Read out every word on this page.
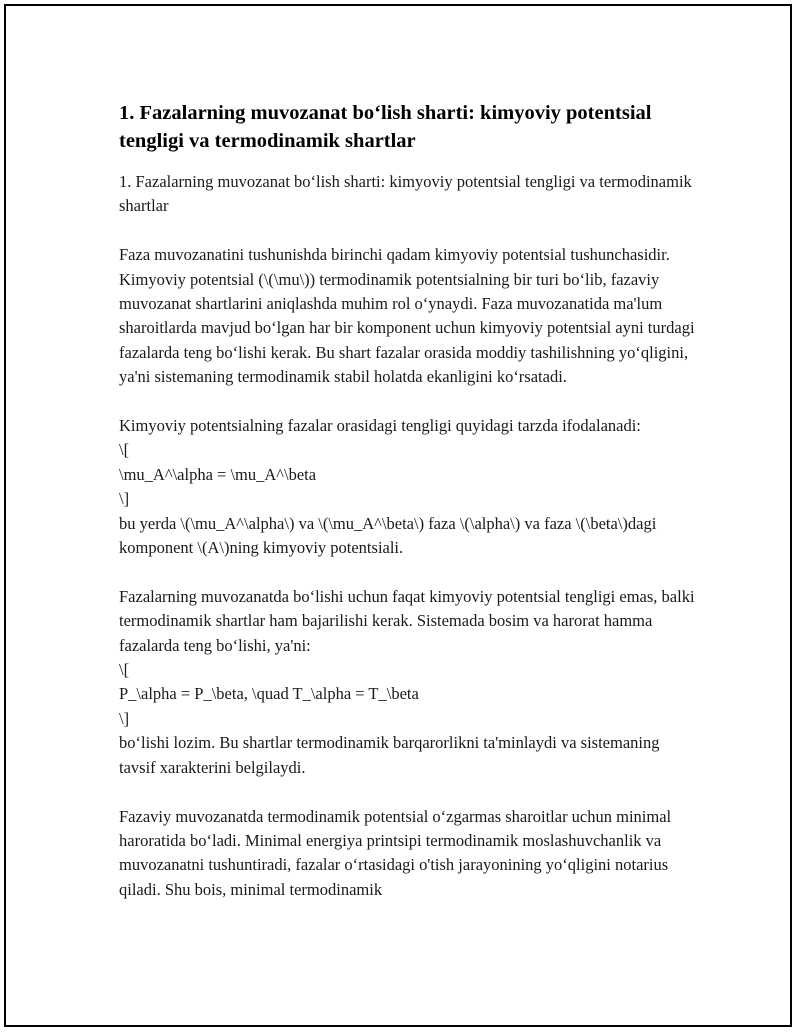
1. Fazalarning muvozanat bo‘lish sharti: kimyoviy potentsial tengligi va termodinamik shartlar

1. Fazalarning muvozanat bo‘lish sharti: kimyoviy potentsial tengligi va termodinamik shartlar

Faza muvozanatini tushunishda birinchi qadam kimyoviy potentsial tushunchasidir. Kimyoviy potentsial (\(\mu\)) termodinamik potentsialning bir turi bo‘lib, fazaviy muvozanat shartlarini aniqlashda muhim rol o‘ynaydi. Faza muvozanatida ma'lum sharoitlarda mavjud bo‘lgan har bir komponent uchun kimyoviy potentsial ayni turdagi fazalarda teng bo‘lishi kerak. Bu shart fazalar orasida moddiy tashilishning yo‘qligini, ya'ni sistemaning termodinamik stabil holatda ekanligini ko‘rsatadi.

Kimyoviy potentsialning fazalar orasidagi tengligi quyidagi tarzda ifodalanadi:
\[
\mu_A^\alpha = \mu_A^\beta
\]
bu yerda \(\mu_A^\alpha\) va \(\mu_A^\beta\) faza \(\alpha\) va faza \(\beta\)dagi komponent \(A\)ning kimyoviy potentsiali.

Fazalarning muvozanatda bo‘lishi uchun faqat kimyoviy potentsial tengligi emas, balki termodinamik shartlar ham bajarilishi kerak. Sistemada bosim va harorat hamma fazalarda teng bo‘lishi, ya'ni:
\[
P_\alpha = P_\beta, \quad T_\alpha = T_\beta
\]
bo‘lishi lozim. Bu shartlar termodinamik barqarorlikni ta'minlaydi va sistemaning tavsif xarakterini belgilaydi.

Fazaviy muvozanatda termodinamik potentsial o‘zgarmas sharoitlar uchun minimal haroratida bo‘ladi. Minimal energiya printsipi termodinamik moslashuvchanlik va muvozanatni tushuntiradi, fazalar o‘rtasidagi o'tish jarayonining yo‘qligini notarius qiladi. Shu bois, minimal termodinamik
